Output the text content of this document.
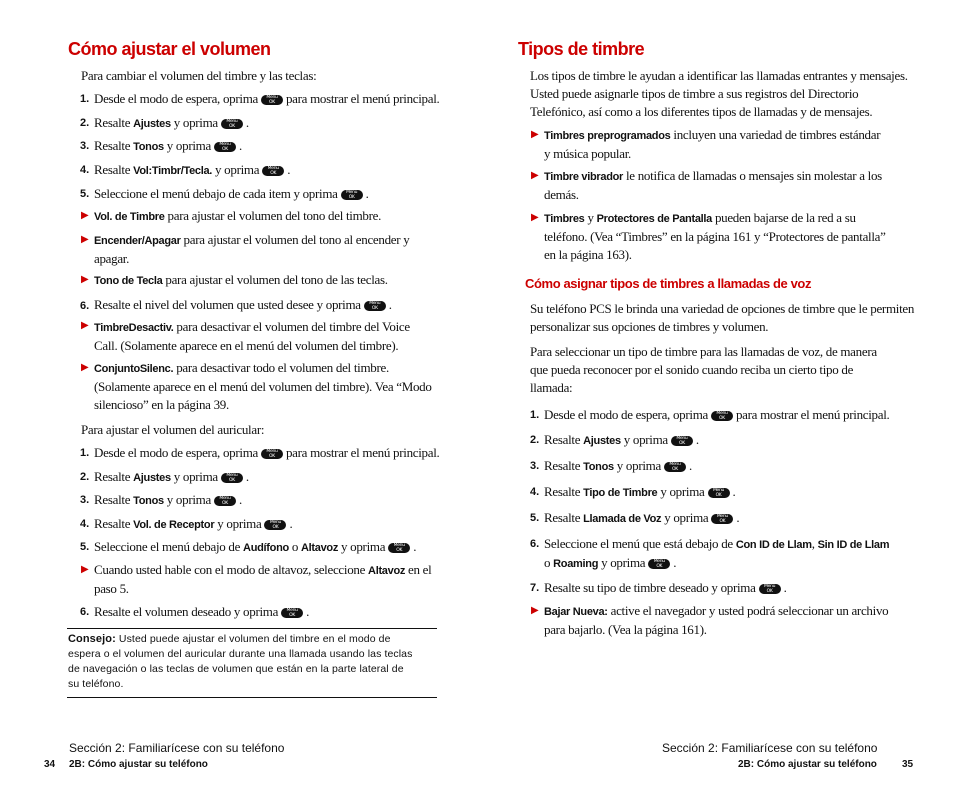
Cómo ajustar el volumen

Para cambiar el volumen del timbre y las teclas:

1. Desde el modo de espera, oprima Menu
OK para mostrar el menú principal.

2. Resalte Ajustes y oprima Menu
OK .

3. Resalte Tonos y oprima Menu
OK .

4. Resalte Vol:Timbr/Tecla. y oprima Menu
OK .

5. Seleccione el menú debajo de cada item y oprima Menu
OK .

▶ Vol. de Timbre para ajustar el volumen del tono del timbre.

▶ Encender/Apagar para ajustar el volumen del tono al encender y
apagar.

▶ Tono de Tecla para ajustar el volumen del tono de las teclas.

6. Resalte el nivel del volumen que usted desee y oprima Menu
OK .

▶ TimbreDesactiv. para desactivar el volumen del timbre del Voice
Call. (Solamente aparece en el menú del volumen del timbre).

▶ ConjuntoSilenc. para desactivar todo el volumen del timbre.
(Solamente aparece en el menú del volumen del timbre). Vea “Modo
silencioso” en la página 39.

Para ajustar el volumen del auricular:

1. Desde el modo de espera, oprima Menu
OK para mostrar el menú principal.

2. Resalte Ajustes y oprima Menu
OK .

3. Resalte Tonos y oprima Menu
OK .

4. Resalte Vol. de Receptor y oprima Menu
OK .

5. Seleccione el menú debajo de Audífono o Altavoz y oprima Menu
OK .

▶ Cuando usted hable con el modo de altavoz, seleccione Altavoz en el
paso 5.

6. Resalte el volumen deseado y oprima Menu
OK .

Consejo: Usted puede ajustar el volumen del timbre en el modo de
espera o el volumen del auricular durante una llamada usando las teclas
de navegación o las teclas de volumen que están en la parte lateral de
su teléfono.
Sección 2: Familiarícese con su teléfono
34 2B: Cómo ajustar su teléfono
Tipos de timbre

Los tipos de timbre le ayudan a identificar las llamadas entrantes y mensajes.
Usted puede asignarle tipos de timbre a sus registros del Directorio
Telefónico, así como a los diferentes tipos de llamadas y de mensajes.

▶ Timbres preprogramados incluyen una variedad de timbres estándar
y música popular.

▶ Timbre vibrador le notifica de llamadas o mensajes sin molestar a los
demás.

▶ Timbres y Protectores de Pantalla pueden bajarse de la red a su
teléfono. (Vea “Timbres” en la página 161 y “Protectores de pantalla”
en la página 163).

Cómo asignar tipos de timbres a llamadas de voz

Su teléfono PCS le brinda una variedad de opciones de timbre que le permiten
personalizar sus opciones de timbres y volumen.

Para seleccionar un tipo de timbre para las llamadas de voz, de manera
que pueda reconocer por el sonido cuando reciba un cierto tipo de
llamada:

1. Desde el modo de espera, oprima Menu
OK para mostrar el menú principal.

2. Resalte Ajustes y oprima Menu
OK .

3. Resalte Tonos y oprima Menu
OK .

4. Resalte Tipo de Timbre y oprima Menu
OK .

5. Resalte Llamada de Voz y oprima Menu
OK .

6. Seleccione el menú que está debajo de Con ID de Llam, Sin ID de Llam
o Roaming y oprima Menu
OK .

7. Resalte su tipo de timbre deseado y oprima Menu
OK .

▶ Bajar Nueva: active el navegador y usted podrá seleccionar un archivo
para bajarlo. (Vea la página 161).

Sección 2: Familiarícese con su teléfono
2B: Cómo ajustar su teléfono	35
